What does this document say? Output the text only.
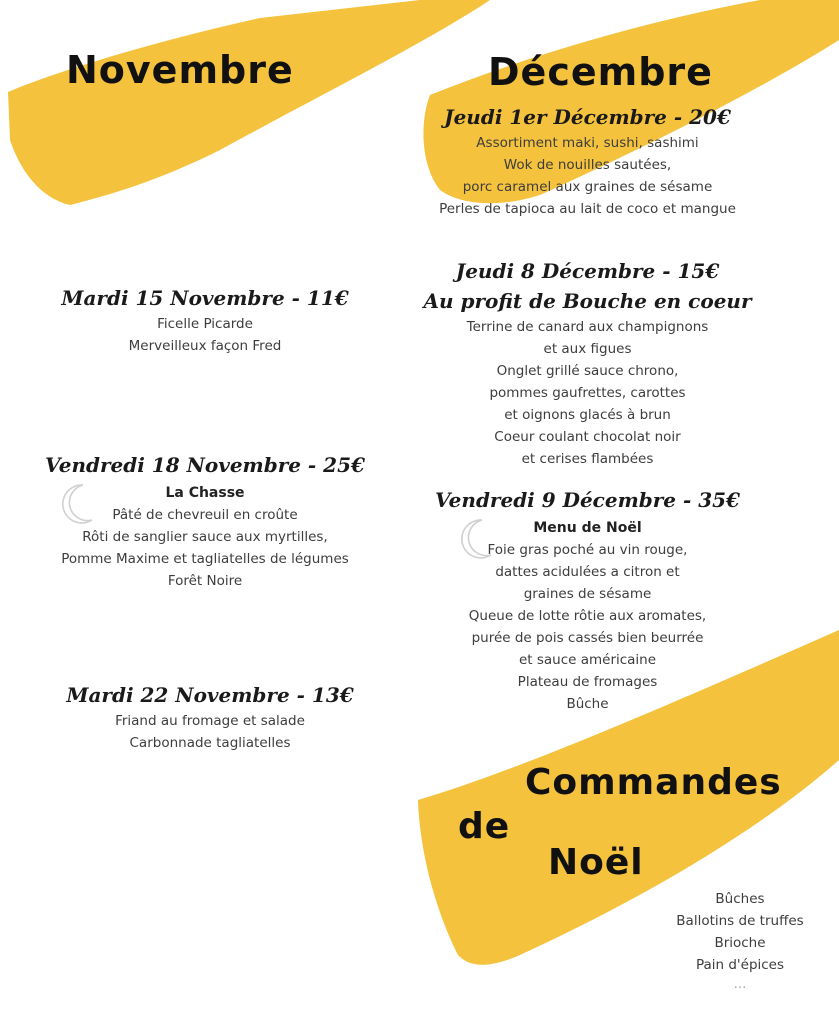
Novembre	Décembre
Mardi 15 Novembre - 11€
Ficelle Picarde
Merveilleux façon Fred
Vendredi 18 Novembre - 25€
La Chasse
Pâté de chevreuil en croûte
Rôti de sanglier sauce aux myrtilles,
Pomme Maxime et tagliatelles de légumes
Forêt Noire
Mardi 22 Novembre - 13€
Friand au fromage et salade
Carbonnade tagliatelles
Jeudi 1er Décembre - 20€
Assortiment maki, sushi, sashimi
Wok de nouilles sautées,
porc caramel aux graines de sésame
Perles de tapioca au lait de coco et mangue
Jeudi 8 Décembre - 15€
Au profit de Bouche en coeur
Terrine de canard aux champignons
et aux figues
Onglet grillé sauce chrono,
pommes gaufrettes, carottes
et oignons glacés à brun
Coeur coulant chocolat noir
et cerises flambées
Vendredi 9 Décembre - 35€
Menu de Noël
Foie gras poché au vin rouge,
dattes acidulées a citron et
graines de sésame
Queue de lotte rôtie aux aromates,
purée de pois cassés bien beurrée
et sauce américaine
Plateau de fromages
Bûche
Commandes
de
Noël
Bûches
Ballotins de truffes
Brioche
Pain d'épices
...
